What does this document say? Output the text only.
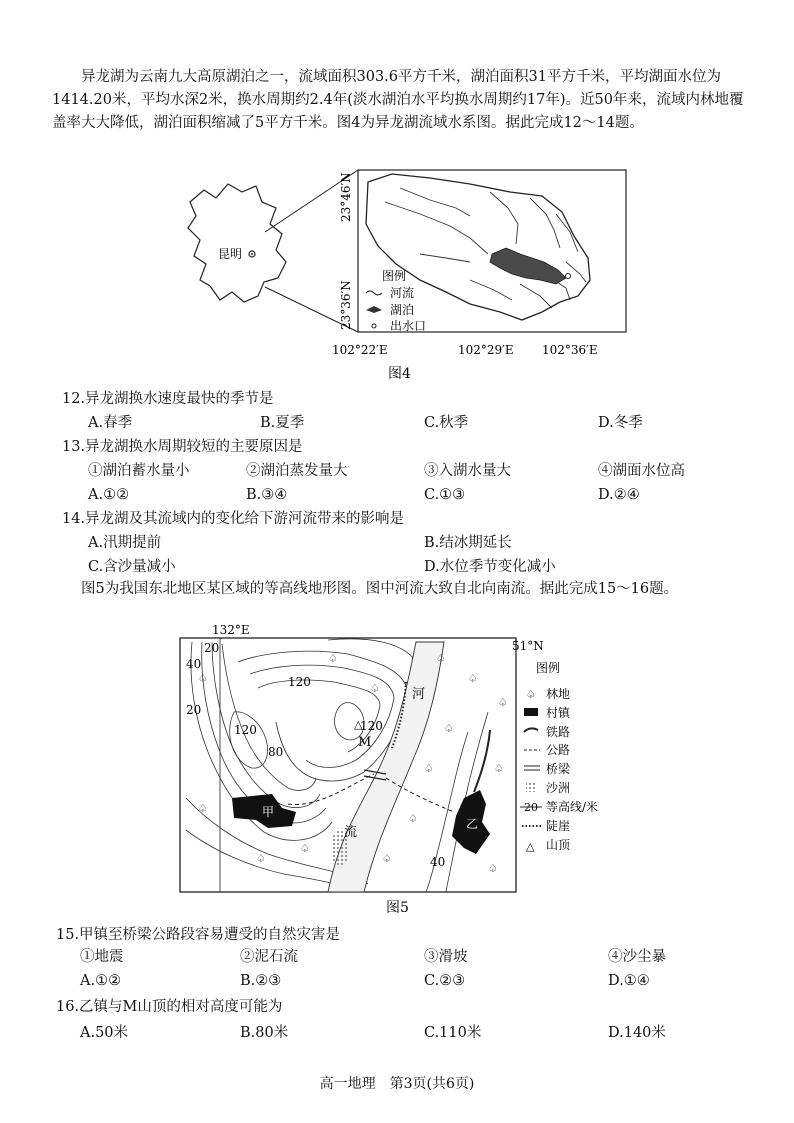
异龙湖为云南九大高原湖泊之一，流域面积303.6平方千米，湖泊面积31平方千米，平均湖面水位为1414.20米，平均水深2米，换水周期约2.4年(淡水湖泊水平均换水周期约17年)。近50年来，流域内林地覆盖率大大降低，湖泊面积缩减了5平方千米。图4为异龙湖流域水系图。据此完成12～14题。
图例
河流
湖泊
出水口
23°46′N
23°36′N
102°22′E	102°29′E 102°36′E
昆明
图4
12.异龙湖换水速度最快的季节是
A.春季	B.夏季	C.秋季	D.冬季
13.异龙湖换水周期较短的主要原因是
①湖泊蓄水量小	②湖泊蒸发量大	③入湖水量大	④湖面水位高
A.①②	B.③④	C.①③	D.②④
14.异龙湖及其流域内的变化给下游河流带来的影响是
A.汛期提前	B.结冰期延长
C.含沙量减小	D.水位季节变化减小
图5为我国东北地区某区域的等高线地形图。图中河流大致自北向南流。据此完成15～16题。
♤
♤
♤
♤
♤
♤
♤
♤
♤
♤
♤
♤
♤
♤
♤
△
132°E
51°N
120
120	120
80
40
40
20
20
M
甲
乙
河
流
图5
图例
♤ 林地
村镇
铁路
公路
桥梁
沙洲
20 等高线/米
陡崖
△ 山顶
15.甲镇至桥梁公路段容易遭受的自然灾害是
①地震	②泥石流	③滑坡	④沙尘暴
A.①②	B.②③	C.②③	D.①④
16.乙镇与M山顶的相对高度可能为
A.50米	B.80米	C.110米	D.140米
高一地理　第3页(共6页)
